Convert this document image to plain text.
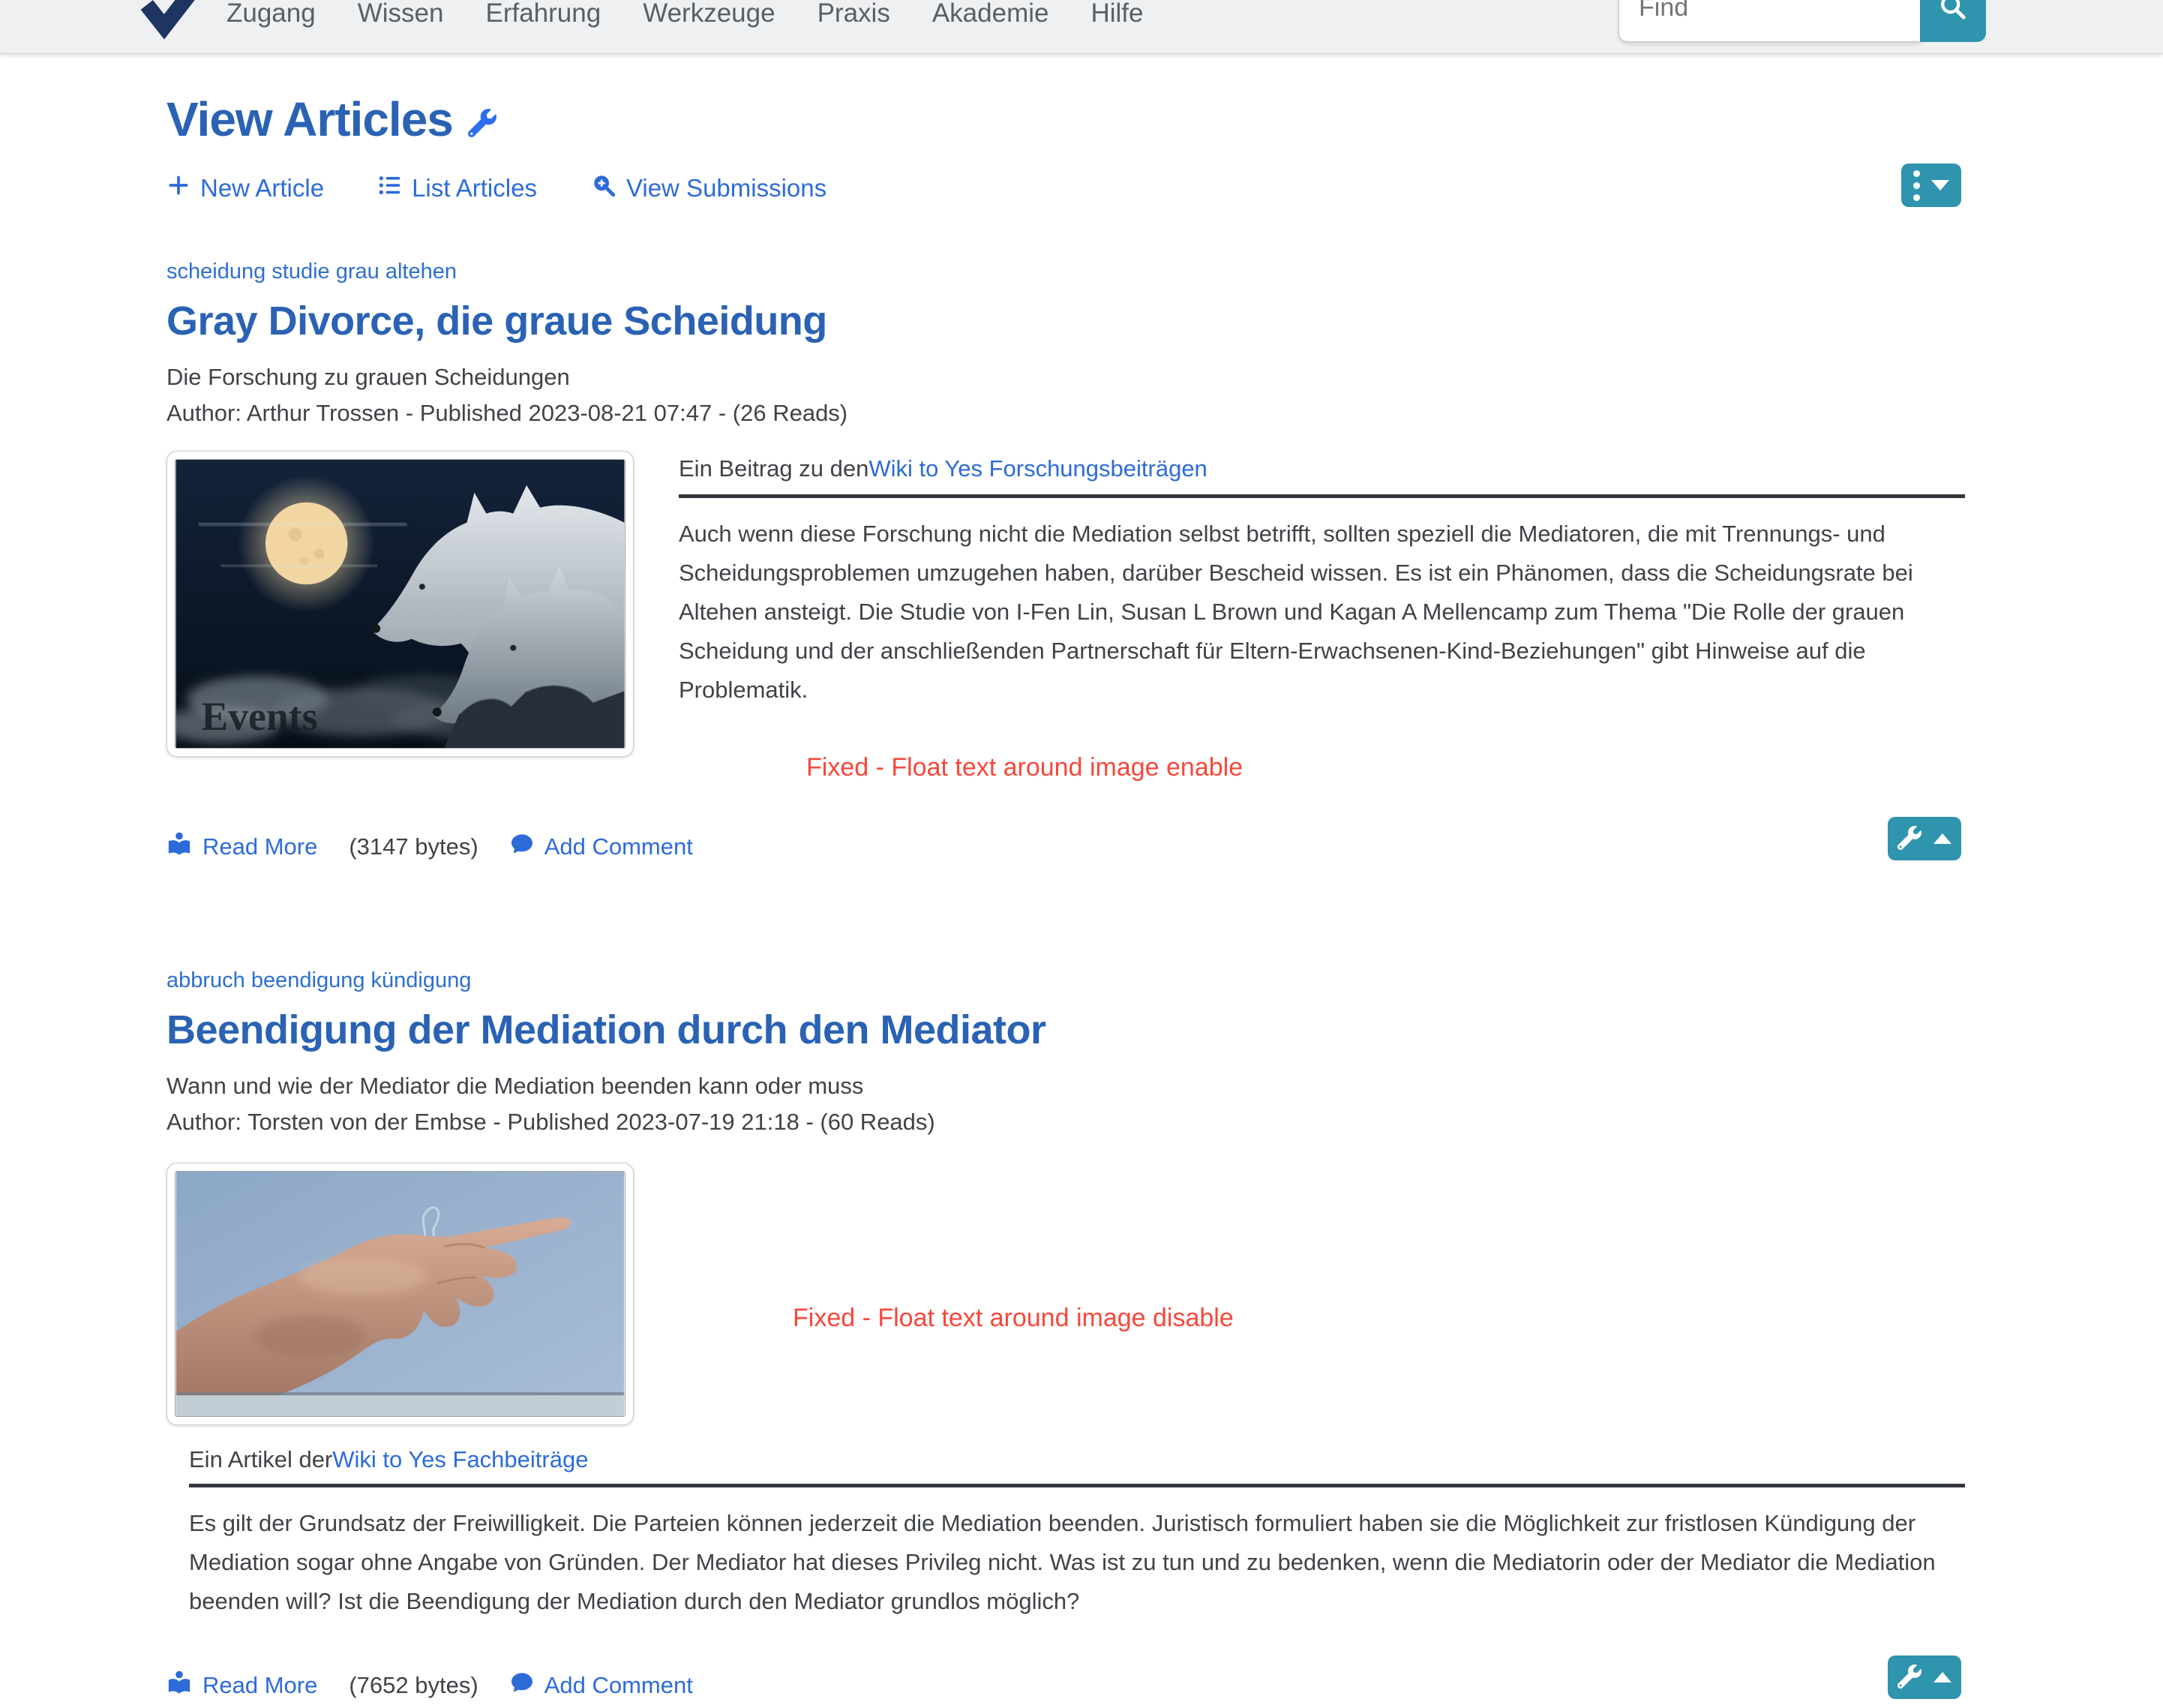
Zugang Wissen Erfahrung Werkzeuge Praxis Akademie Hilfe
Find
View Articles
New Article	List Articles	View Submissions
scheidung studie grau altehen
Gray Divorce, die graue Scheidung
Die Forschung zu grauen Scheidungen
Author: Arthur Trossen - Published 2023-08-21 07:47 - (26 Reads)
Events
Ein Beitrag zu denWiki to Yes Forschungsbeiträgen

Auch wenn diese Forschung nicht die Mediation selbst betrifft, sollten speziell die Mediatoren, die mit Trennungs- und Scheidungsproblemen umzugehen haben, darüber Bescheid wissen. Es ist ein Phänomen, dass die Scheidungsrate bei Altehen ansteigt. Die Studie von I-Fen Lin, Susan L Brown und Kagan A Mellencamp zum Thema "Die Rolle der grauen Scheidung und der anschließenden Partnerschaft für Eltern-Erwachsenen-Kind-Beziehungen" gibt Hinweise auf die Problematik.

Fixed - Float text around image enable
Read More (3147 bytes)	Add Comment
abbruch beendigung kündigung
Beendigung der Mediation durch den Mediator
Wann und wie der Mediator die Mediation beenden kann oder muss
Author: Torsten von der Embse - Published 2023-07-19 21:18 - (60 Reads)
Fixed - Float text around image disable
Ein Artikel derWiki to Yes Fachbeiträge

Es gilt der Grundsatz der Freiwilligkeit. Die Parteien können jederzeit die Mediation beenden. Juristisch formuliert haben sie die Möglichkeit zur fristlosen Kündigung der Mediation sogar ohne Angabe von Gründen. Der Mediator hat dieses Privileg nicht. Was ist zu tun und zu bedenken, wenn die Mediatorin oder der Mediator die Mediation beenden will? Ist die Beendigung der Mediation durch den Mediator grundlos möglich?

Read More (7652 bytes)	Add Comment
